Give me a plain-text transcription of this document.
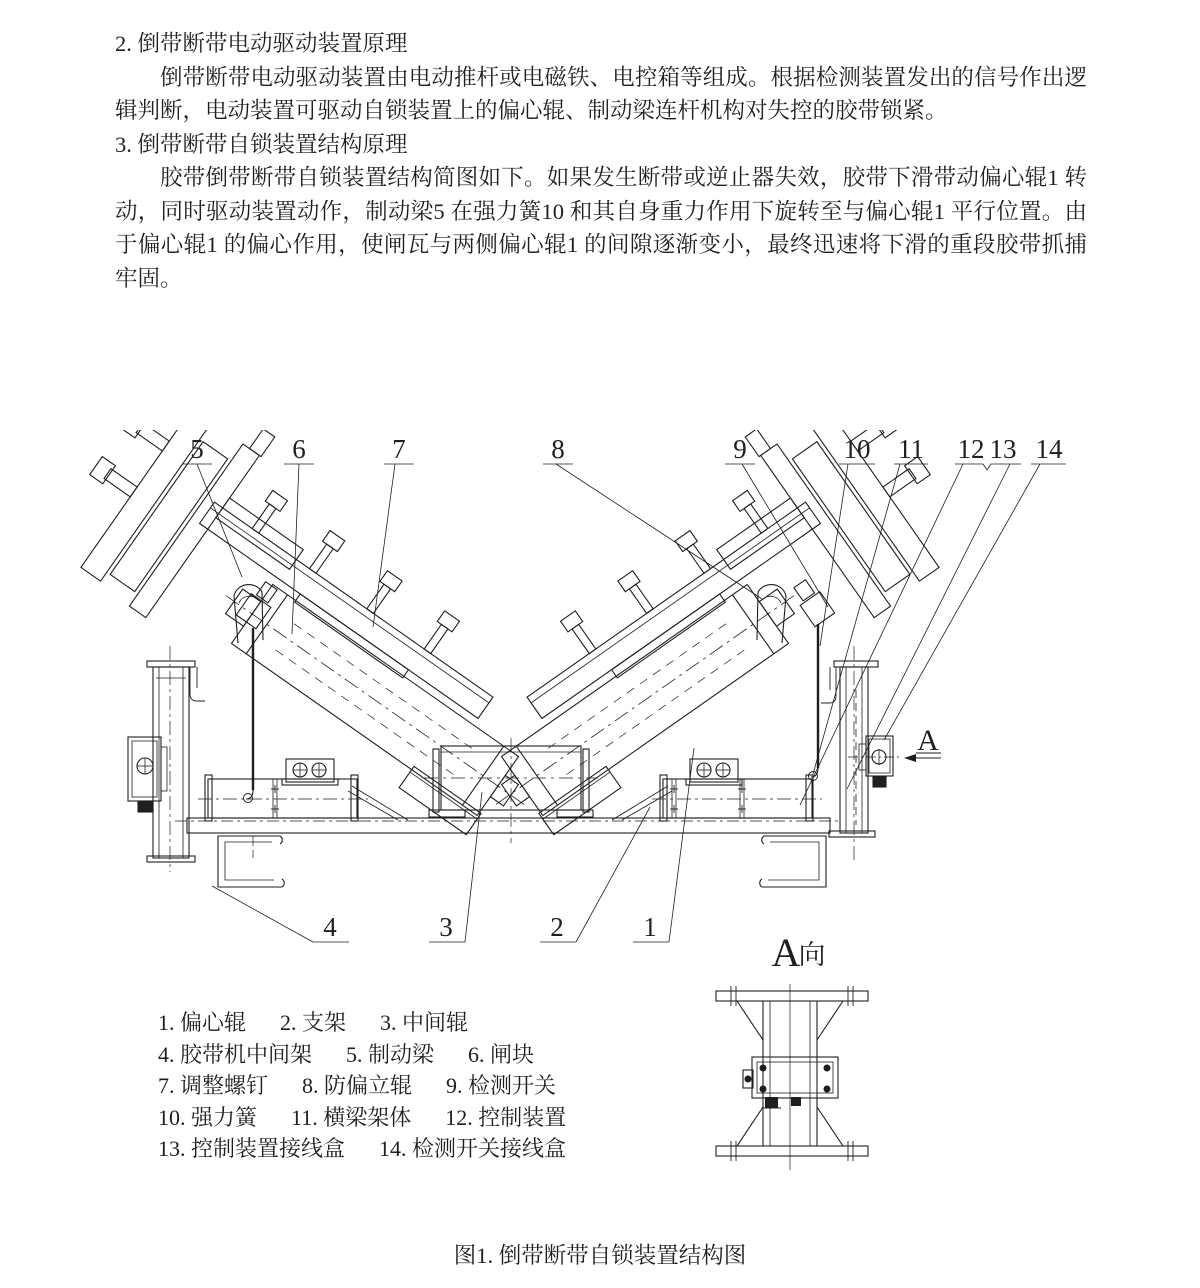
2. 倒带断带电动驱动装置原理

倒带断带电动驱动装置由电动推杆或电磁铁、电控箱等组成。根据检测装置发出的信号作出逻辑判断，电动装置可驱动自锁装置上的偏心辊、制动梁连杆机构对失控的胶带锁紧。

3. 倒带断带自锁装置结构原理

胶带倒带断带自锁装置结构简图如下。如果发生断带或逆止器失效，胶带下滑带动偏心辊1 转动，同时驱动装置动作，制动梁5 在强力簧10 和其自身重力作用下旋转至与偏心辊1 平行位置。由于偏心辊1 的偏心作用，使闸瓦与两侧偏心辊1 的间隙逐渐变小，最终迅速将下滑的重段胶带抓捕牢固。

5	6	7	8	9	10 11 12 13 14
4	3	2	1
A
A
向
1. 偏心辊 2. 支架 3. 中间辊
4. 胶带机中间架 5. 制动梁 6. 闸块
7. 调整螺钉 8. 防偏立辊 9. 检测开关
10. 强力簧 11. 横梁架体 12. 控制装置
13. 控制装置接线盒 14. 检测开关接线盒
图1. 倒带断带自锁装置结构图
